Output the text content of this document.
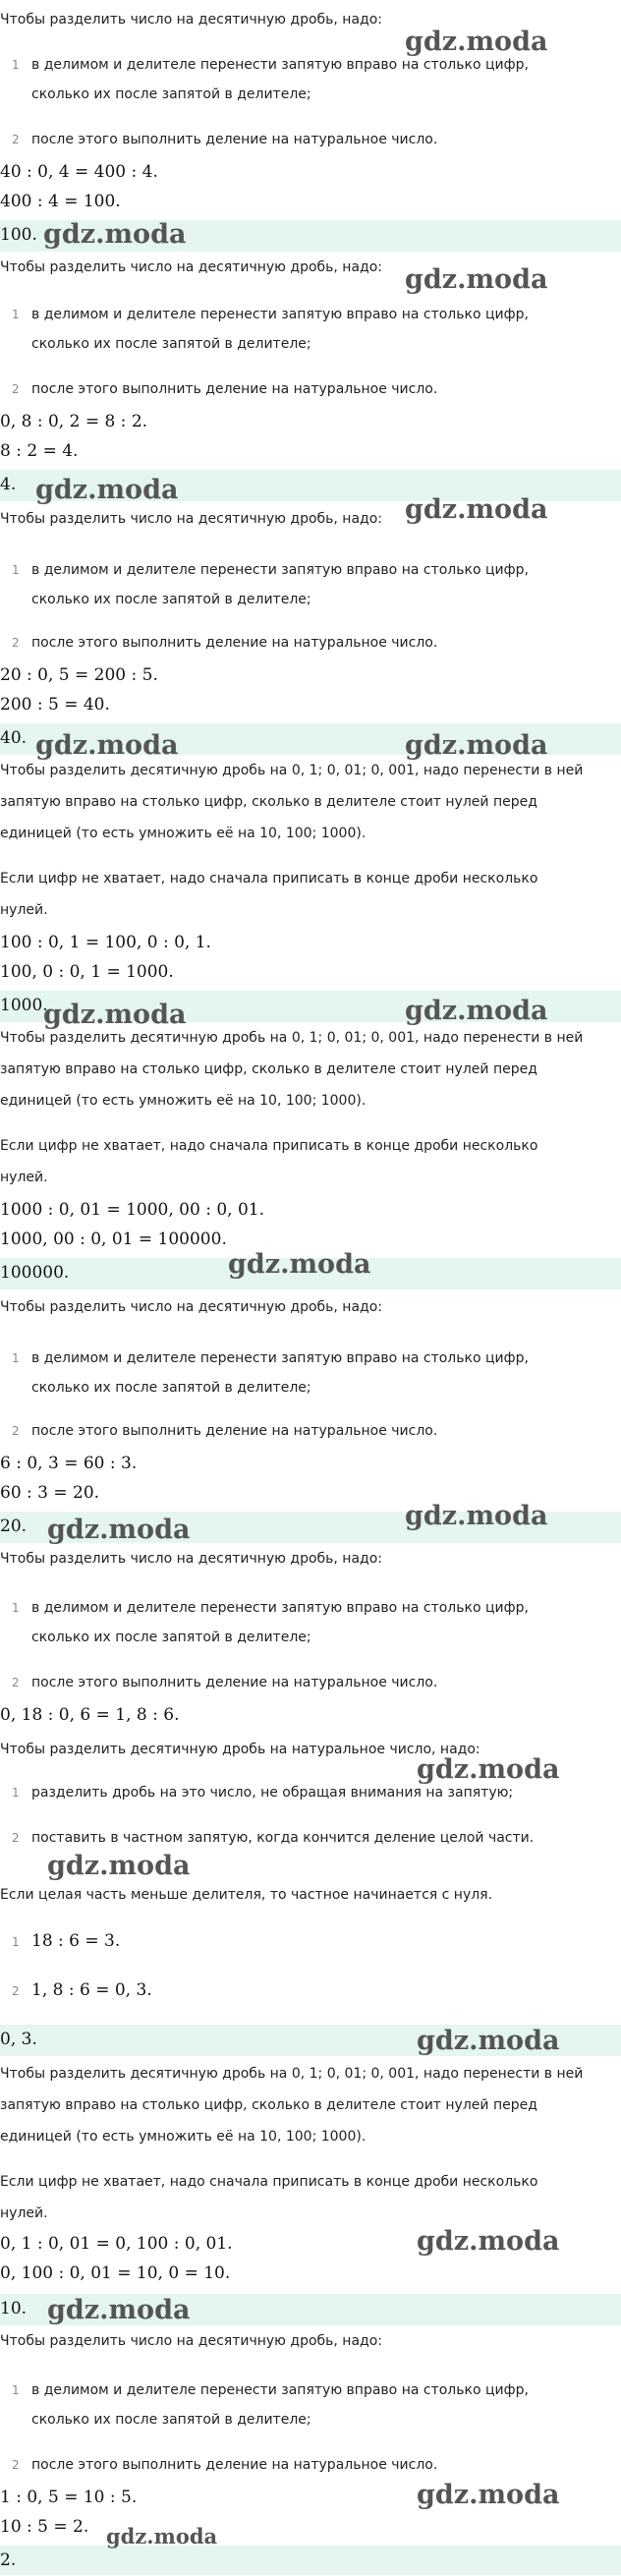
Чтобы разделить число на десятичную дробь, надо:
1 в делимом и делителе перенести запятую вправо на столько цифр,
сколько их после запятой в делителе;
2 после этого выполнить деление на натуральное число.
40 : 0, 4 = 400 : 4.
400 : 4 = 100.
100.
Чтобы разделить число на десятичную дробь, надо:
1 в делимом и делителе перенести запятую вправо на столько цифр,
сколько их после запятой в делителе;
2 после этого выполнить деление на натуральное число.
0, 8 : 0, 2 = 8 : 2.
8 : 2 = 4.
4.
Чтобы разделить число на десятичную дробь, надо:
1 в делимом и делителе перенести запятую вправо на столько цифр,
сколько их после запятой в делителе;
2 после этого выполнить деление на натуральное число.
20 : 0, 5 = 200 : 5.
200 : 5 = 40.
40.
Чтобы разделить десятичную дробь на 0, 1; 0, 01; 0, 001, надо перенести в ней
запятую вправо на столько цифр, сколько в делителе стоит нулей перед
единицей (то есть умножить её на 10, 100; 1000).
Если цифр не хватает, надо сначала приписать в конце дроби несколько
нулей.
100 : 0, 1 = 100, 0 : 0, 1.
100, 0 : 0, 1 = 1000.
1000.
Чтобы разделить десятичную дробь на 0, 1; 0, 01; 0, 001, надо перенести в ней
запятую вправо на столько цифр, сколько в делителе стоит нулей перед
единицей (то есть умножить её на 10, 100; 1000).
Если цифр не хватает, надо сначала приписать в конце дроби несколько
нулей.
1000 : 0, 01 = 1000, 00 : 0, 01.
1000, 00 : 0, 01 = 100000.
100000.
Чтобы разделить число на десятичную дробь, надо:
1 в делимом и делителе перенести запятую вправо на столько цифр,
сколько их после запятой в делителе;
2 после этого выполнить деление на натуральное число.
6 : 0, 3 = 60 : 3.
60 : 3 = 20.
20.
Чтобы разделить число на десятичную дробь, надо:
1 в делимом и делителе перенести запятую вправо на столько цифр,
сколько их после запятой в делителе;
2 после этого выполнить деление на натуральное число.
0, 18 : 0, 6 = 1, 8 : 6.
Чтобы разделить десятичную дробь на натуральное число, надо:
1 разделить дробь на это число, не обращая внимания на запятую;
2 поставить в частном запятую, когда кончится деление целой части.
Если целая часть меньше делителя, то частное начинается с нуля.
1 18 : 6 = 3.
2 1, 8 : 6 = 0, 3.
0, 3.
Чтобы разделить десятичную дробь на 0, 1; 0, 01; 0, 001, надо перенести в ней
запятую вправо на столько цифр, сколько в делителе стоит нулей перед
единицей (то есть умножить её на 10, 100; 1000).
Если цифр не хватает, надо сначала приписать в конце дроби несколько
нулей.
0, 1 : 0, 01 = 0, 100 : 0, 01.
0, 100 : 0, 01 = 10, 0 = 10.
10.
Чтобы разделить число на десятичную дробь, надо:
1 в делимом и делителе перенести запятую вправо на столько цифр,
сколько их после запятой в делителе;
2 после этого выполнить деление на натуральное число.
1 : 0, 5 = 10 : 5.
10 : 5 = 2.
2.
gdz.moda
gdz.moda
gdz.moda
gdz.moda
gdz.moda
gdz.moda	gdz.moda
gdz.moda	gdz.moda
gdz.moda
gdz.moda
gdz.moda
gdz.moda
gdz.moda
gdz.moda
gdz.moda
gdz.moda
gdz.moda
gdz.moda
